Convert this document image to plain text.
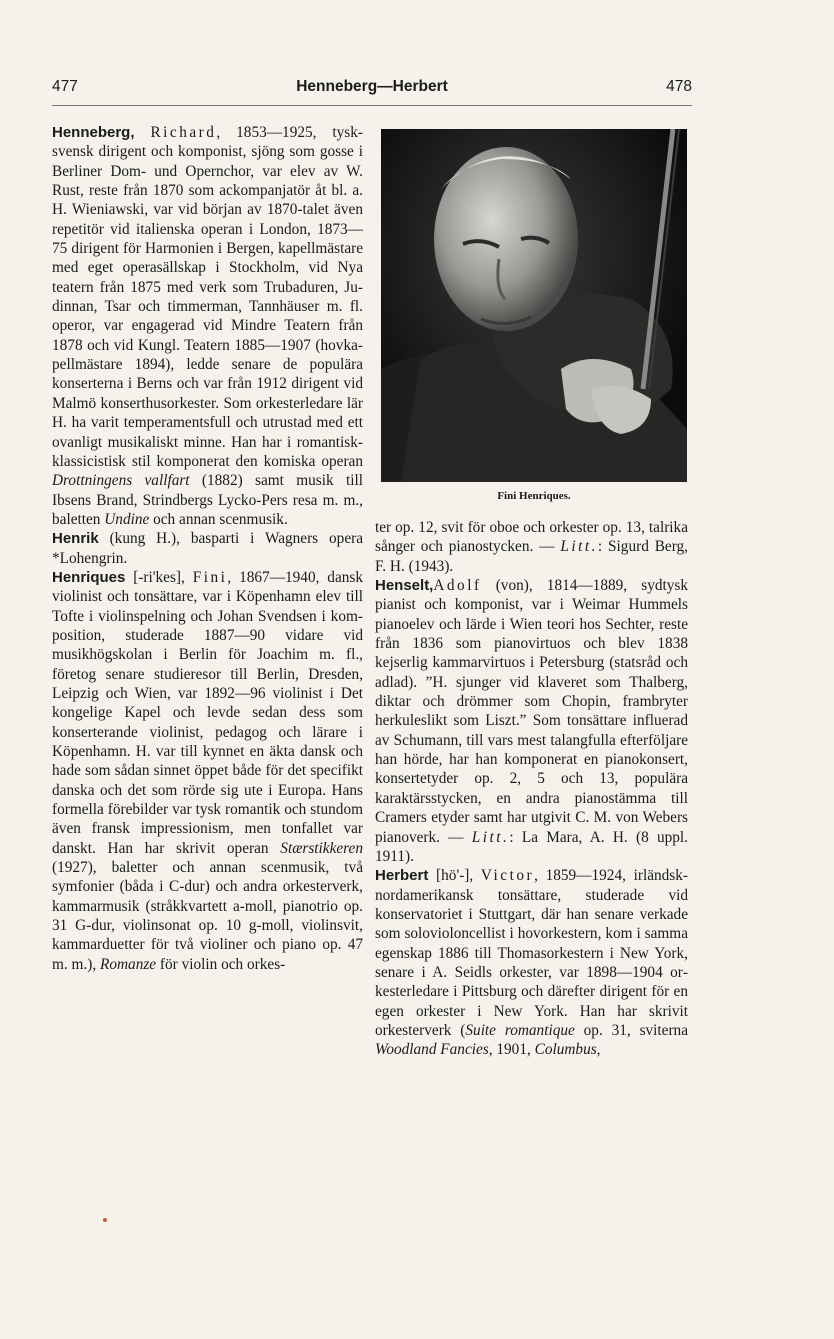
477	Henneberg—Herbert	478

Henneberg, Richard, 1853—1925, tysk-svensk dirigent och komponist, sjöng som gosse i Berliner Dom- und Opernchor, var elev av W. Rust, reste från 1870 som ackompanjatör åt bl. a. H. Wieniawski, var vid början av 1870-talet även repetitör vid italienska operan i London, 1873—75 dirigent för Harmonien i Bergen, kapellmästare med eget operasällskap i Stockholm, vid Nya teatern från 1875 med verk som Trubaduren, Judinnan, Tsar och timmerman, Tannhäuser m. fl. operor, var engagerad vid Mindre Teatern från 1878 och vid Kungl. Teatern 1885—1907 (hovkapellmästare 1894), ledde senare de populära konserterna i Berns och var från 1912 dirigent vid Malmö konserthusorkester. Som orkesterledare lär H. ha varit temperamentsfull och utrustad med ett ovanligt musikaliskt minne. Han har i romantisk-klassicistisk stil komponerat den komiska operan Drottningens vallfart (1882) samt musik till Ibsens Brand, Strindbergs Lycko-Pers resa m. m., baletten Undine och annan scenmusik.

Henrik (kung H.), basparti i Wagners opera *Lohengrin.

Henriques [-ri'kes], Fini, 1867—1940, dansk violinist och tonsättare, var i Köpenhamn elev till Tofte i violinspelning och Johan Svendsen i komposition, studerade 1887—90 vidare vid musikhögskolan i Berlin för Joachim m. fl., företog senare studieresor till Berlin, Dresden, Leipzig och Wien, var 1892—96 violinist i Det kongelige Kapel och levde sedan dess som konserterande violinist, pedagog och lärare i Köpenhamn. H. var till kynnet en äkta dansk och hade som sådan sinnet öppet både för det specifikt danska och det som rörde sig ute i Europa. Hans formella förebilder var tysk romantik och stundom även fransk impressionism, men tonfallet var danskt. Han har skrivit operan Stærstikkeren (1927), baletter och annan scenmusik, två symfonier (båda i C-dur) och andra orkesterverk, kammarmusik (stråkkvartett a-moll, pianotrio op. 31 G-dur, violinsonat op. 10 g-moll, violinsvit, kammarduetter för två violiner och piano op. 47 m. m.), Romanze för violin och orkes-

Fini Henriques.

ter op. 12, svit för oboe och orkester op. 13, talrika sånger och pianostycken. — Litt.: Sigurd Berg, F. H. (1943).

Henselt,Adolf (von), 1814—1889, sydtysk pianist och komponist, var i Weimar Hummels pianoelev och lärde i Wien teori hos Sechter, reste från 1836 som pianovirtuos och blev 1838 kejserlig kammarvirtuos i Petersburg (statsråd och adlad). ”H. sjunger vid klaveret som Thalberg, diktar och drömmer som Chopin, frambryter herkuleslikt som Liszt.” Som tonsättare influerad av Schumann, till vars mest talangfulla efterföljare han hörde, har han komponerat en pianokonsert, konsertetyder op. 2, 5 och 13, populära karaktärsstycken, en andra pianostämma till Cramers etyder samt har utgivit C. M. von Webers pianoverk. — Litt.: La Mara, A. H. (8 uppl. 1911).

Herbert [hö'-], Victor, 1859—1924, irländsk-nordamerikansk tonsättare, studerade vid konservatoriet i Stuttgart, där han senare verkade som solovioloncellist i hovorkestern, kom i samma egenskap 1886 till Thomasorkestern i New York, senare i A. Seidls orkester, var 1898—1904 orkesterledare i Pittsburg och därefter dirigent för en egen orkester i New York. Han har skrivit orkesterverk (Suite romantique op. 31, sviterna Woodland Fancies, 1901, Columbus,
